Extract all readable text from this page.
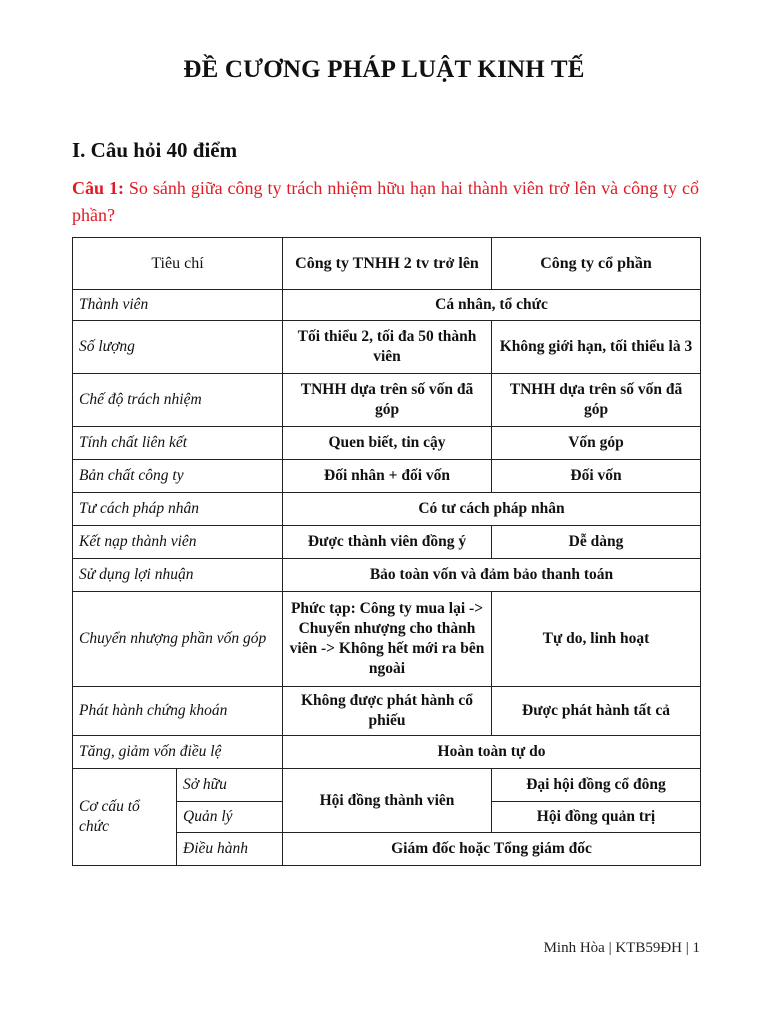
ĐỀ CƯƠNG PHÁP LUẬT KINH TẾ
I. Câu hỏi 40 điểm
Câu 1: So sánh giữa công ty trách nhiệm hữu hạn hai thành viên trở lên và công ty cổ phần?
Tiêu chí		Công ty TNHH 2 tv trở lên	Công ty cổ phần
Thành viên		Cá nhân, tổ chức	
Số lượng		Tối thiểu 2, tối đa 50 thành viên	Không giới hạn, tối thiểu là 3
Chế độ trách nhiệm		TNHH dựa trên số vốn đã góp	TNHH dựa trên số vốn đã góp
Tính chất liên kết		Quen biết, tin cậy	Vốn góp
Bản chất công ty		Đối nhân + đối vốn	Đối vốn
Tư cách pháp nhân		Có tư cách pháp nhân	
Kết nạp thành viên		Được thành viên đồng ý	Dễ dàng
Sử dụng lợi nhuận		Bảo toàn vốn và đảm bảo thanh toán	
Chuyển nhượng phần vốn góp		Phức tạp: Công ty mua lại -> Chuyển nhượng cho thành viên -> Không hết mới ra bên ngoài	Tự do, linh hoạt
Phát hành chứng khoán		Không được phát hành cổ phiếu	Được phát hành tất cả
Tăng, giảm vốn điều lệ		Hoàn toàn tự do	
Cơ cấu tổ chức	Sở hữu	Hội đồng thành viên	Đại hội đồng cổ đông
	Quản lý		Hội đồng quản trị
	Điều hành	Giám đốc hoặc Tổng giám đốc	
Minh Hòa | KTB59ĐH | 1
